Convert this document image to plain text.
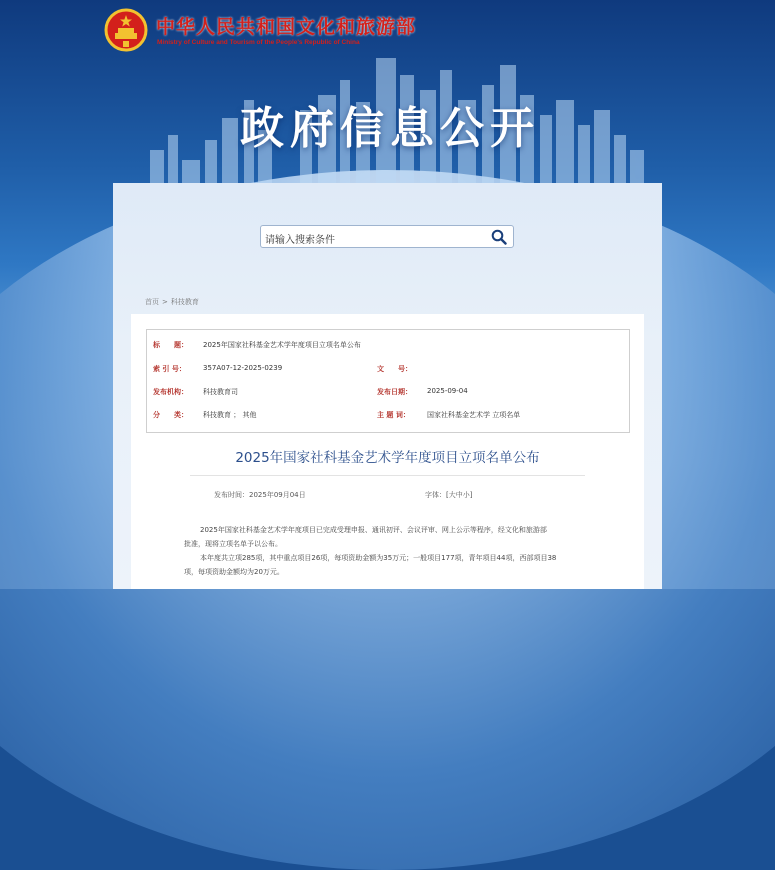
中华人民共和国文化和旅游部
Ministry of Culture and Tourism of the People's Republic of China
政府信息公开
请输入搜索条件
首页 > 科技教育
标　　题： 2025年国家社科基金艺术学年度项目立项名单公布
索 引 号： 357A07-12-2025-0239	文　　号：
发布机构： 科技教育司	发布日期： 2025-09-04
分　　类： 科技教育 ； 其他	主 题 词： 国家社科基金艺术学 立项名单
2025年国家社科基金艺术学年度项目立项名单公布
发布时间：2025年09月04日	字体：[大中小]
2025年国家社科基金艺术学年度项目已完成受理申报、通讯初评、会议评审、网上公示等程序，经文化和旅游部
批准，现将立项名单予以公布。
本年度共立项285项，其中重点项目26项，每项资助金额为35万元；一般项目177项，青年项目44项，西部项目38
项，每项资助金额均为20万元。
